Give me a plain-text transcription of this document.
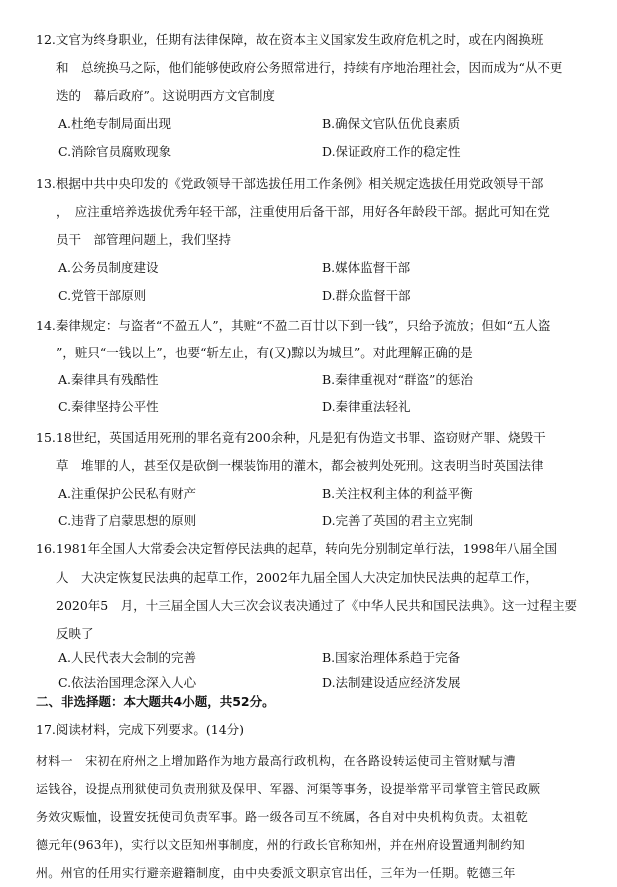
12.文官为终身职业，任期有法律保障，故在资本主义国家发生政府危机之时，或在内阁换班
和　总统换马之际，他们能够使政府公务照常进行，持续有序地治理社会，因而成为“从不更
迭的　幕后政府”。这说明西方文官制度
A.杜绝专制局面出现	B.确保文官队伍优良素质
C.消除官员腐败现象	D.保证政府工作的稳定性
13.根据中共中央印发的《党政领导干部选拔任用工作条例》相关规定选拔任用党政领导干部
，　应注重培养选拔优秀年轻干部，注重使用后备干部，用好各年龄段干部。据此可知在党
员干　部管理问题上，我们坚持
A.公务员制度建设	B.媒体监督干部
C.党管干部原则	D.群众监督干部
14.秦律规定：与盗者“不盈五人”，其赃“不盈二百廿以下到一钱”，只给予流放；但如“五人盗
”，赃只“一钱以上”，也要“斩左止，有(又)黥以为城旦”。对此理解正确的是
A.秦律具有残酷性	B.秦律重视对“群盗”的惩治
C.秦律坚持公平性	D.秦律重法轻礼
15.18世纪，英国适用死刑的罪名竟有200余种，凡是犯有伪造文书罪、盗窃财产罪、烧毁干
草　堆罪的人，甚至仅是砍倒一棵装饰用的灌木，都会被判处死刑。这表明当时英国法律
A.注重保护公民私有财产	B.关注权利主体的利益平衡
C.违背了启蒙思想的原则	D.完善了英国的君主立宪制
16.1981年全国人大常委会决定暂停民法典的起草，转向先分别制定单行法，1998年八届全国
人　大决定恢复民法典的起草工作，2002年九届全国人大决定加快民法典的起草工作，
2020年5　月，十三届全国人大三次会议表决通过了《中华人民共和国民法典》。这一过程主要
反映了
A.人民代表大会制的完善	B.国家治理体系趋于完备
C.依法治国理念深入人心	D.法制建设适应经济发展
二、非选择题：本大题共4小题，共52分。
17.阅读材料，完成下列要求。(14分)
材料一　宋初在府州之上增加路作为地方最高行政机构，在各路设转运使司主管财赋与漕
运钱谷，设提点刑狱使司负责刑狱及保甲、军器、河渠等事务，设提举常平司掌管主管民政厥
务效灾赈恤，设置安抚使司负责军事。路一级各司互不统属，各自对中央机构负责。太祖乾
德元年(963年)，实行以文臣知州事制度，州的行政长官称知州，并在州府设置通判制约知
州。州官的任用实行避亲避籍制度，由中央委派文职京官出任，三年为一任期。乾德三年
